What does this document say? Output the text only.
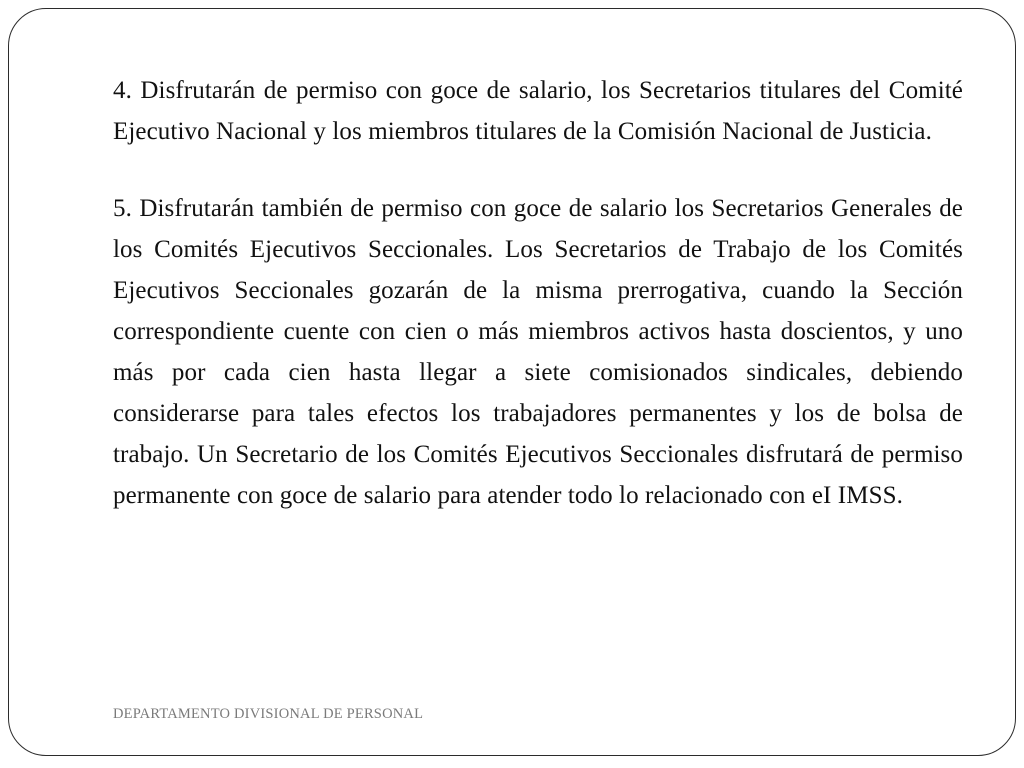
4. Disfrutarán de permiso con goce de salario, los Secretarios titulares del Comité Ejecutivo Nacional y los miembros titulares de la Comisión Nacional de Justicia.

5. Disfrutarán también de permiso con goce de salario los Secretarios Generales de los Comités Ejecutivos Seccionales. Los Secretarios de Trabajo de los Comités Ejecutivos Seccionales gozarán de la misma prerrogativa, cuando la Sección correspondiente cuente con cien o más miembros activos hasta doscientos, y uno más por cada cien hasta llegar a siete comisionados sindicales, debiendo considerarse para tales efectos los trabajadores permanentes y los de bolsa de trabajo. Un Secretario de los Comités Ejecutivos Seccionales disfrutará de permiso permanente con goce de salario para atender todo lo relacionado con eI IMSS.

DEPARTAMENTO DIVISIONAL DE PERSONAL
